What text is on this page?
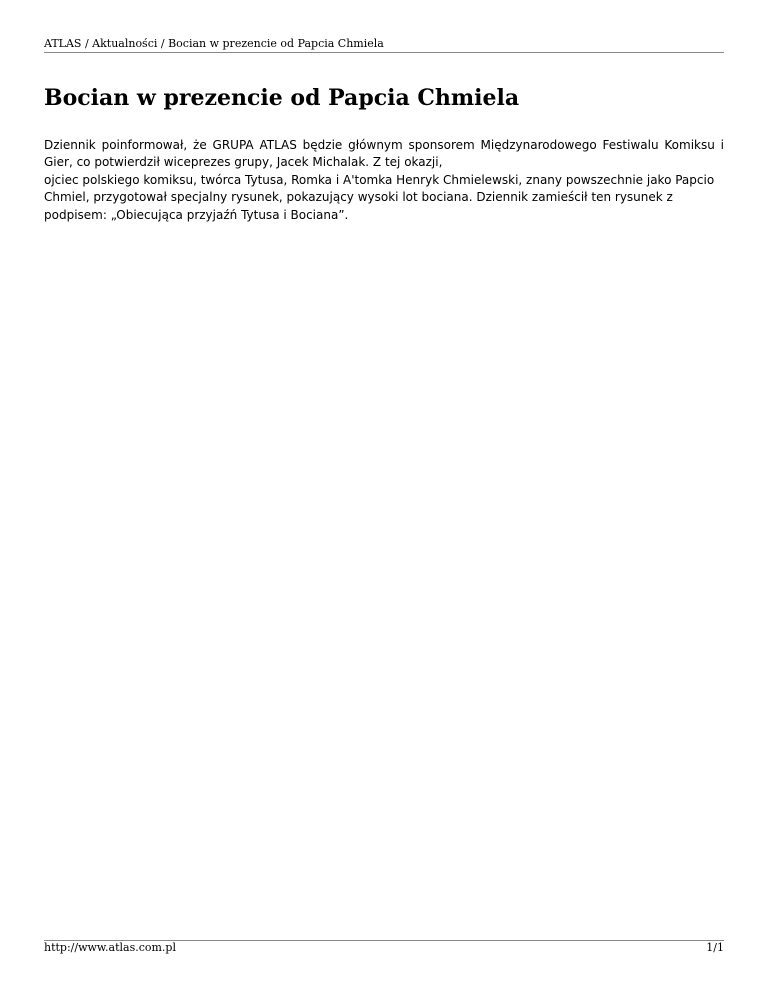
ATLAS / Aktualności / Bocian w prezencie od Papcia Chmiela
Bocian w prezencie od Papcia Chmiela

Dziennik poinformował, że GRUPA ATLAS będzie głównym sponsorem Międzynarodowego Festiwalu Komiksu i Gier, co potwierdził wiceprezes grupy, Jacek Michalak. Z tej okazji,

ojciec polskiego komiksu, twórca Tytusa, Romka i A'tomka Henryk Chmielewski, znany powszechnie jako Papcio Chmiel, przygotował specjalny rysunek, pokazujący wysoki lot bociana. Dziennik zamieścił ten rysunek z podpisem: „Obiecująca przyjaźń Tytusa i Bociana”.

http://www.atlas.com.pl	1/1
